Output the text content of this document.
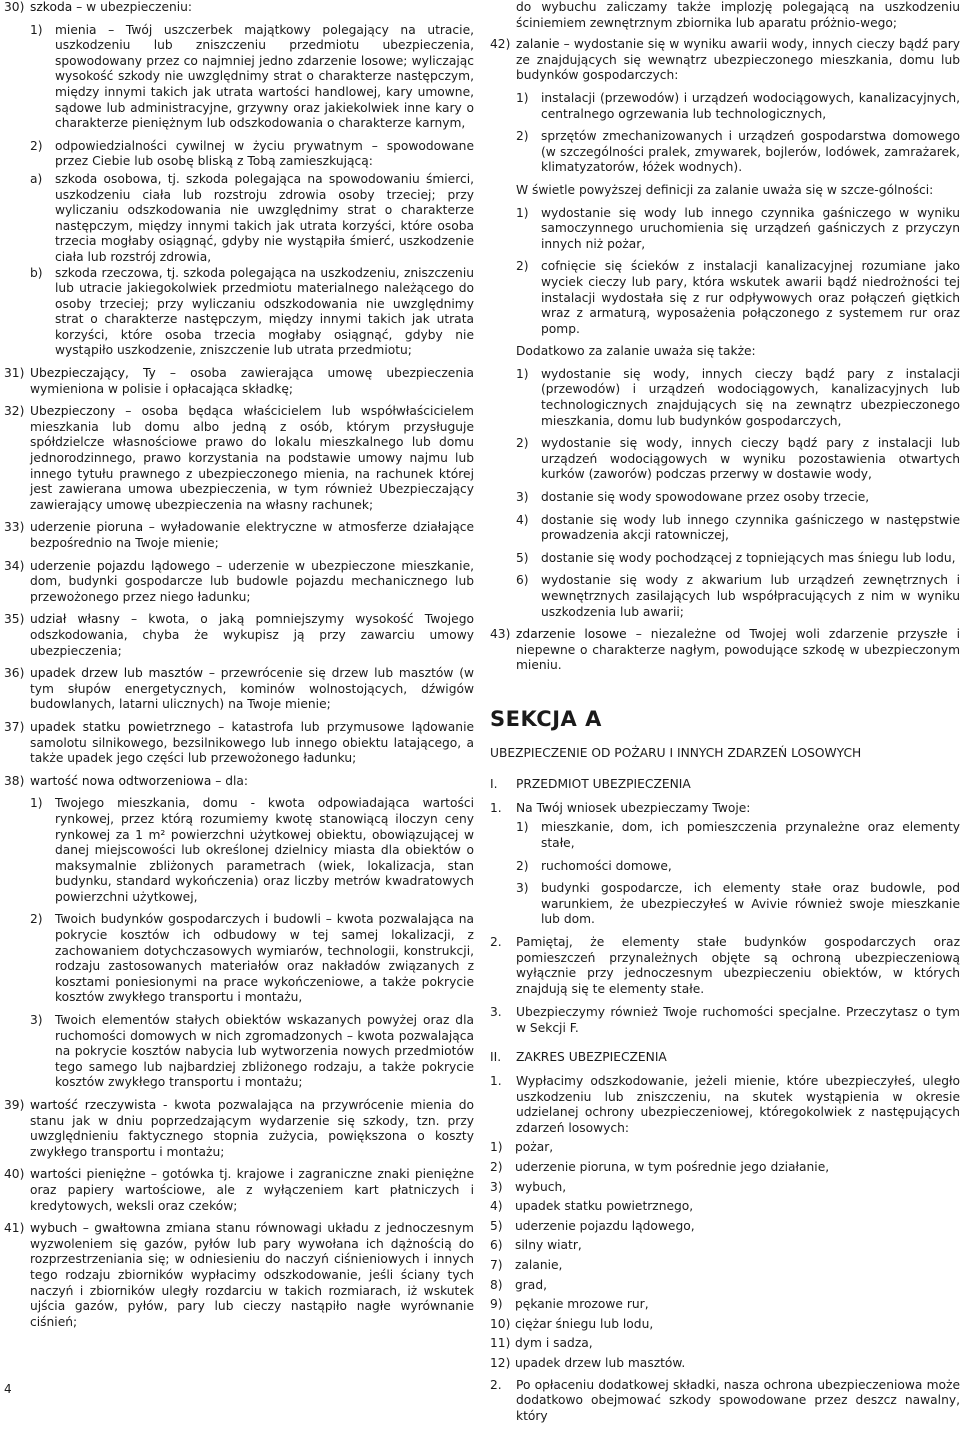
30) szkoda – w ubezpieczeniu:
1)	mienia – Twój uszczerbek majątkowy polegający na utracie, uszkodzeniu lub zniszczeniu przedmiotu ubezpieczenia, spowodowany przez co najmniej jedno zdarzenie losowe; wyliczając wysokość szkody nie uwzględnimy strat o charakterze następczym, między innymi takich jak utrata wartości handlowej, kary umowne, sądowe lub administracyjne, grzywny oraz jakiekolwiek inne kary o charakterze pieniężnym lub odszkodowania o charakterze karnym,
2)	odpowiedzialności cywilnej w życiu prywatnym – spowodowane przez Ciebie lub osobę bliską z Tobą zamieszkującą:
a)	szkoda osobowa, tj. szkoda polegająca na spowodowaniu śmierci, uszkodzeniu ciała lub rozstroju zdrowia osoby trzeciej; przy wyliczaniu odszkodowania nie uwzględnimy strat o charakterze następczym, między innymi takich jak utrata korzyści, które osoba trzecia mogłaby osiągnąć, gdyby nie wystąpiła śmierć, uszkodzenie ciała lub rozstrój zdrowia,
b)	szkoda rzeczowa, tj. szkoda polegająca na uszkodzeniu, zniszczeniu lub utracie jakiegokolwiek przedmiotu materialnego należącego do osoby trzeciej; przy wyliczaniu odszkodowania nie uwzględnimy strat o charakterze następczym, między innymi takich jak utrata korzyści, które osoba trzecia mogłaby osiągnąć, gdyby nie wystąpiło uszkodzenie, zniszczenie lub utrata przedmiotu;
31) Ubezpieczający, Ty – osoba zawierająca umowę ubezpieczenia wymieniona w polisie i opłacająca składkę;
32) Ubezpieczony – osoba będąca właścicielem lub współwłaścicielem mieszkania lub domu albo jedną z osób, którym przysługuje spółdzielcze własnościowe prawo do lokalu mieszkalnego lub domu jednorodzinnego, prawo korzystania na podstawie umowy najmu lub innego tytułu prawnego z ubezpieczonego mienia, na rachunek której jest zawierana umowa ubezpieczenia, w tym również Ubezpieczający zawierający umowę ubezpieczenia na własny rachunek;
33) uderzenie pioruna – wyładowanie elektryczne w atmosferze działające bezpośrednio na Twoje mienie;
34) uderzenie pojazdu lądowego – uderzenie w ubezpieczone mieszkanie, dom, budynki gospodarcze lub budowle pojazdu mechanicznego lub przewożonego przez niego ładunku;
35) udział własny – kwota, o jaką pomniejszymy wysokość Twojego odszkodowania, chyba że wykupisz ją przy zawarciu umowy ubezpieczenia;
36) upadek drzew lub masztów – przewrócenie się drzew lub masztów (w tym słupów energetycznych, kominów wolnostojących, dźwigów budowlanych, latarni ulicznych) na Twoje mienie;
37) upadek statku powietrznego – katastrofa lub przymusowe lądowanie samolotu silnikowego, bezsilnikowego lub innego obiektu latającego, a także upadek jego części lub przewożonego ładunku;
38) wartość nowa odtworzeniowa – dla:
1)	Twojego mieszkania, domu - kwota odpowiadająca wartości rynkowej, przez którą rozumiemy kwotę stanowiącą iloczyn ceny rynkowej za 1 m² powierzchni użytkowej obiektu, obowiązującej w danej miejscowości lub określonej dzielnicy miasta dla obiektów o maksymalnie zbliżonych parametrach (wiek, lokalizacja, stan budynku, standard wykończenia) oraz liczby metrów kwadratowych powierzchni użytkowej,
2)	Twoich budynków gospodarczych i budowli – kwota pozwalająca na pokrycie kosztów ich odbudowy w tej samej lokalizacji, z zachowaniem dotychczasowych wymiarów, technologii, konstrukcji, rodzaju zastosowanych materiałów oraz nakładów związanych z kosztami poniesionymi na prace wykończeniowe, a także pokrycie kosztów zwykłego transportu i montażu,
3)	Twoich elementów stałych obiektów wskazanych powyżej oraz dla ruchomości domowych w nich zgromadzonych – kwota pozwalająca na pokrycie kosztów nabycia lub wytworzenia nowych przedmiotów tego samego lub najbardziej zbliżonego rodzaju, a także pokrycie kosztów zwykłego transportu i montażu;
39) wartość rzeczywista - kwota pozwalająca na przywrócenie mienia do stanu jak w dniu poprzedzającym wydarzenie się szkody, tzn. przy uwzględnieniu faktycznego stopnia zużycia, powiększona o koszty zwykłego transportu i montażu;
40) wartości pieniężne – gotówka tj. krajowe i zagraniczne znaki pieniężne oraz papiery wartościowe, ale z wyłączeniem kart płatniczych i kredytowych, weksli oraz czeków;
41) wybuch – gwałtowna zmiana stanu równowagi układu z jednoczesnym wyzwoleniem się gazów, pyłów lub pary wywołana ich dążnością do rozprzestrzeniania się; w odniesieniu do naczyń ciśnieniowych i innych tego rodzaju zbiorników wypłacimy odszkodowanie, jeśli ściany tych naczyń i zbiorników uległy rozdarciu w takich rozmiarach, iż wskutek ujścia gazów, pyłów, pary lub cieczy nastąpiło nagłe wyrównanie ciśnień;

do wybuchu zaliczamy także implozję polegającą na uszkodzeniu ściniemiem zewnętrznym zbiornika lub aparatu próżnio-wego;

42) zalanie – wydostanie się w wyniku awarii wody, innych cieczy bądź pary ze znajdujących się wewnątrz ubezpieczonego mieszkania, domu lub budynków gospodarczych:
1)	instalacji (przewodów) i urządzeń wodociągowych, kanalizacyjnych, centralnego ogrzewania lub technologicznych,
2)	sprzętów zmechanizowanych i urządzeń gospodarstwa domowego (w szczególności pralek, zmywarek, bojlerów, lodówek, zamrażarek, klimatyzatorów, łóżek wodnych).

W świetle powyższej definicji za zalanie uważa się w szcze-gólności:

1)	wydostanie się wody lub innego czynnika gaśniczego w wyniku samoczynnego uruchomienia się urządzeń gaśniczych z przyczyn innych niż pożar,
2)	cofnięcie się ścieków z instalacji kanalizacyjnej rozumiane jako wyciek cieczy lub pary, która wskutek awarii bądź niedrożności tej instalacji wydostała się z rur odpływowych oraz połączeń giętkich wraz z armaturą, wyposażenia połączonego z systemem rur oraz pomp.

Dodatkowo za zalanie uważa się także:

1)	wydostanie się wody, innych cieczy bądź pary z instalacji (przewodów) i urządzeń wodociągowych, kanalizacyjnych lub technologicznych znajdujących się na zewnątrz ubezpieczonego mieszkania, domu lub budynków gospodarczych,
2)	wydostanie się wody, innych cieczy bądź pary z instalacji lub urządzeń wodociągowych w wyniku pozostawienia otwartych kurków (zaworów) podczas przerwy w dostawie wody,
3)	dostanie się wody spowodowane przez osoby trzecie,
4)	dostanie się wody lub innego czynnika gaśniczego w następstwie prowadzenia akcji ratowniczej,
5)	dostanie się wody pochodzącej z topniejących mas śniegu lub lodu,
6)	wydostanie się wody z akwarium lub urządzeń zewnętrznych i wewnętrznych zasilających lub współpracujących z nim w wyniku uszkodzenia lub awarii;
43) zdarzenie losowe – niezależne od Twojej woli zdarzenie przyszłe i niepewne o charakterze nagłym, powodujące szkodę w ubezpieczonym mieniu.
SEKCJA A
UBEZPIECZENIE OD POŻARU I INNYCH ZDARZEŃ LOSOWYCH
I.	PRZEDMIOT UBEZPIECZENIA
1.	Na Twój wniosek ubezpieczamy Twoje:
1)	mieszkanie, dom, ich pomieszczenia przynależne oraz elementy stałe,
2)	ruchomości domowe,
3)	budynki gospodarcze, ich elementy stałe oraz budowle, pod warunkiem, że ubezpieczyłeś w Avivie również swoje mieszkanie lub dom.
2.	Pamiętaj, że elementy stałe budynków gospodarczych oraz pomieszczeń przynależnych objęte są ochroną ubezpieczeniową wyłącznie przy jednoczesnym ubezpieczeniu obiektów, w których znajdują się te elementy stałe.
3.	Ubezpieczymy również Twoje ruchomości specjalne. Przeczytasz o tym w Sekcji F.
II.	ZAKRES UBEZPIECZENIA
1.	Wypłacimy odszkodowanie, jeżeli mienie, które ubezpieczyłeś, uległo uszkodzeniu lub zniszczeniu, na skutek wystąpienia w okresie udzielanej ochrony ubezpieczeniowej, któregokolwiek z następujących zdarzeń losowych:
1)	pożar,
2)	uderzenie pioruna, w tym pośrednie jego działanie,
3)	wybuch,
4)	upadek statku powietrznego,
5)	uderzenie pojazdu lądowego,
6)	silny wiatr,
7)	zalanie,
8)	grad,
9)	pękanie mrozowe rur,
10) ciężar śniegu lub lodu,
11) dym i sadza,
12) upadek drzew lub masztów.
2.	Po opłaceniu dodatkowej składki, nasza ochrona ubezpieczeniowa może dodatkowo obejmować szkody spowodowane przez deszcz nawalny, który
4
